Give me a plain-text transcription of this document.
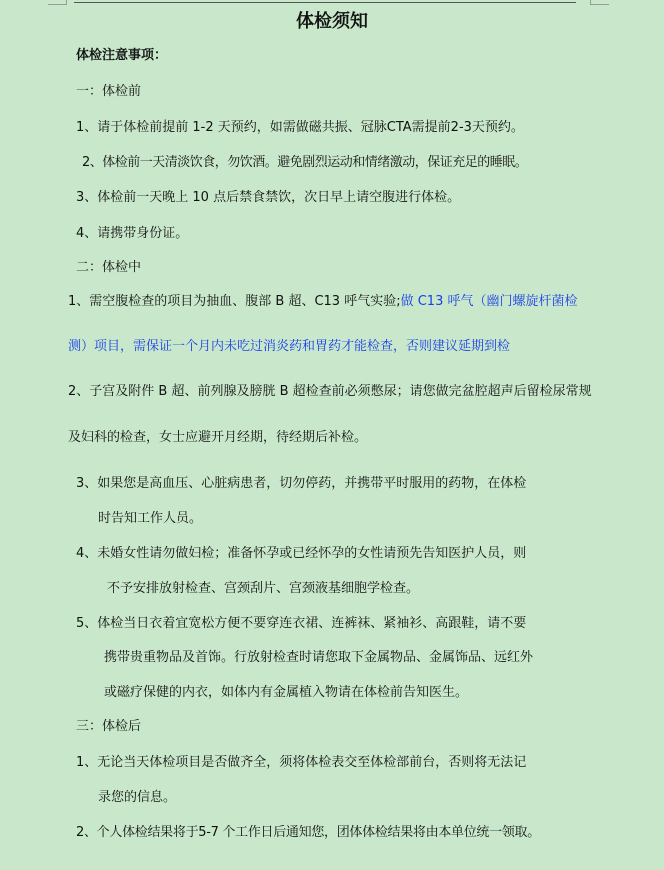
体检须知
体检注意事项：
一：体检前
1、请于体检前提前 1-2 天预约，如需做磁共振、冠脉CTA需提前2-3天预约。
2、体检前一天清淡饮食，勿饮酒。避免剧烈运动和情绪激动，保证充足的睡眠。
3、体检前一天晚上 10 点后禁食禁饮，次日早上请空腹进行体检。
4、请携带身份证。
二：体检中
1、需空腹检查的项目为抽血、腹部 B 超、C13 呼气实验;做 C13 呼气（幽门螺旋杆菌检
测）项目，需保证一个月内未吃过消炎药和胃药才能检查，否则建议延期到检
2、子宫及附件 B 超、前列腺及膀胱 B 超检查前必须憋尿；请您做完盆腔超声后留检尿常规
及妇科的检查，女士应避开月经期，待经期后补检。
3、如果您是高血压、心脏病患者，切勿停药，并携带平时服用的药物，在体检
时告知工作人员。
4、未婚女性请勿做妇检；准备怀孕或已经怀孕的女性请预先告知医护人员，则
不予安排放射检查、宫颈刮片、宫颈液基细胞学检查。
5、体检当日衣着宜宽松方便不要穿连衣裙、连裤袜、紧袖衫、高跟鞋，请不要
携带贵重物品及首饰。行放射检查时请您取下金属物品、金属饰品、远红外
或磁疗保健的内衣，如体内有金属植入物请在体检前告知医生。
三：体检后
1、无论当天体检项目是否做齐全，须将体检表交至体检部前台，否则将无法记
录您的信息。
2、个人体检结果将于5-7 个工作日后通知您，团体体检结果将由本单位统一领取。
